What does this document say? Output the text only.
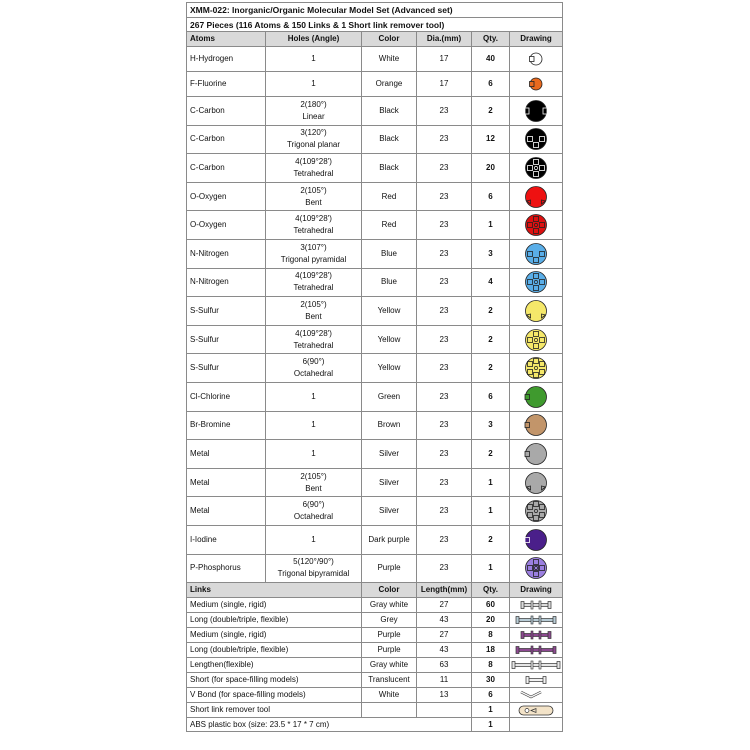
XMM-022: Inorganic/Organic Molecular Model Set (Advanced set)					
267 Pieces (116 Atoms & 150 Links & 1 Short link remover tool)					
Atoms	Holes (Angle)	Color	Dia.(mm)	Qty.	Drawing
H-Hydrogen	1	White	17	40	

F-Fluorine	1	Orange	17	6	

C-Carbon	2(180°)
Linear	Black	23	2	

C-Carbon	3(120°)
Trigonal planar	Black	23	12	

C-Carbon	4(109°28')
Tetrahedral	Black	23	20	

O-Oxygen	2(105°)
Bent	Red	23	6	

O-Oxygen	4(109°28')
Tetrahedral	Red	23	1	

N-Nitrogen	3(107°)
Trigonal pyramidal	Blue	23	3	

N-Nitrogen	4(109°28')
Tetrahedral	Blue	23	4	

S-Sulfur	2(105°)
Bent	Yellow	23	2	

S-Sulfur	4(109°28')
Tetrahedral	Yellow	23	2	

S-Sulfur	6(90°)
Octahedral	Yellow	23	2	

Cl-Chlorine	1	Green	23	6	

Br-Bromine	1	Brown	23	3	

Metal	1	Silver	23	2	

Metal	2(105°)
Bent	Silver	23	1	

Metal	6(90°)
Octahedral	Silver	23	1	

I-Iodine	1	Dark purple	23	2	

P-Phosphorus	5(120°/90°)
Trigonal bipyramidal	Purple	23	1	

Links		Color	Length(mm)	Qty.	Drawing
Medium (single, rigid)		Gray white	27	60	

Long (double/triple, flexible)		Grey	43	20	

Medium (single, rigid)		Purple	27	8	

Long (double/triple, flexible)		Purple	43	18	

Lengthen(flexible)		Gray white	63	8	

Short (for space-filling models)		Translucent	11	30	

V Bond (for space-filling models)		White	13	6	

Short link remover tool				1	

ABS plastic box (size: 23.5 * 17 * 7 cm)				1	
